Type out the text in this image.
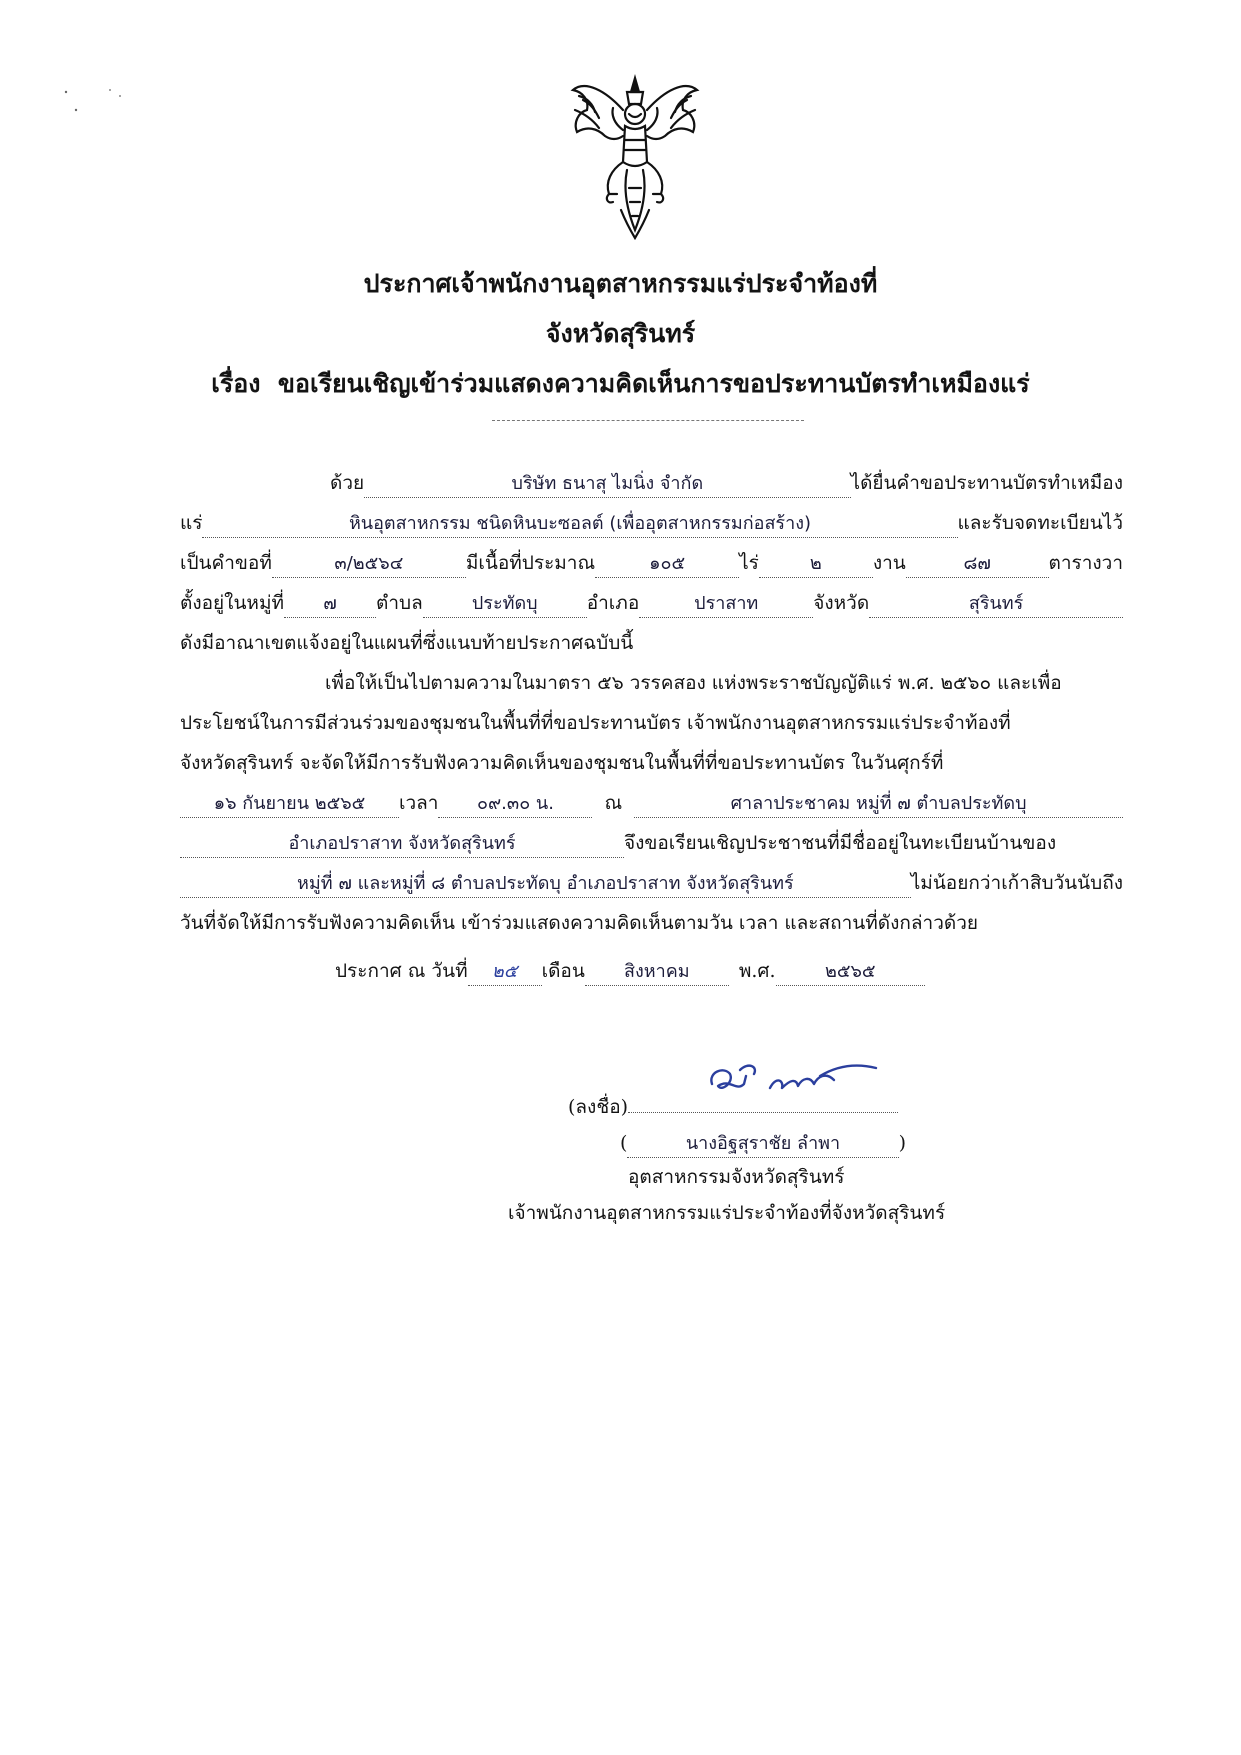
ประกาศเจ้าพนักงานอุตสาหกรรมแร่ประจำท้องที่
จังหวัดสุรินทร์
เรื่อง ขอเรียนเชิญเข้าร่วมแสดงความคิดเห็นการขอประทานบัตรทำเหมืองแร่
ด้วย	บริษัท ธนาสุ ไมนิ่ง จำกัด	ได้ยื่นคำขอประทานบัตรทำเหมือง
แร่	หินอุตสาหกรรม ชนิดหินบะซอลต์ (เพื่ออุตสาหกรรมก่อสร้าง)	และรับจดทะเบียนไว้
เป็นคำขอที่	๓/๒๕๖๔	มีเนื้อที่ประมาณ	๑๐๕	ไร่	๒	งาน	๘๗	ตารางวา
ตั้งอยู่ในหมู่ที่	๗	ตำบล	ประทัดบุ	อำเภอ	ปราสาท	จังหวัด	สุรินทร์
ดังมีอาณาเขตแจ้งอยู่ในแผนที่ซึ่งแนบท้ายประกาศฉบับนี้
เพื่อให้เป็นไปตามความในมาตรา ๕๖ วรรคสอง แห่งพระราชบัญญัติแร่ พ.ศ. ๒๕๖๐ และเพื่อ
ประโยชน์ในการมีส่วนร่วมของชุมชนในพื้นที่ที่ขอประทานบัตร เจ้าพนักงานอุตสาหกรรมแร่ประจำท้องที่
จังหวัดสุรินทร์ จะจัดให้มีการรับฟังความคิดเห็นของชุมชนในพื้นที่ที่ขอประทานบัตร ในวันศุกร์ที่
๑๖ กันยายน ๒๕๖๕	เวลา	๐๙.๓๐ น.	ณ	ศาลาประชาคม หมู่ที่ ๗ ตำบลประทัดบุ
อำเภอปราสาท จังหวัดสุรินทร์	จึงขอเรียนเชิญประชาชนที่มีชื่ออยู่ในทะเบียนบ้านของ
หมู่ที่ ๗ และหมู่ที่ ๘ ตำบลประทัดบุ อำเภอปราสาท จังหวัดสุรินทร์	ไม่น้อยกว่าเก้าสิบวันนับถึง
วันที่จัดให้มีการรับฟังความคิดเห็น เข้าร่วมแสดงความคิดเห็นตามวัน เวลา และสถานที่ดังกล่าวด้วย
ประกาศ ณ วันที่	๒๕	เดือน	สิงหาคม	พ.ศ.	๒๕๖๕
(ลงชื่อ)
(	นางอิฐสุราชัย ลำพา	)
อุตสาหกรรมจังหวัดสุรินทร์
เจ้าพนักงานอุตสาหกรรมแร่ประจำท้องที่จังหวัดสุรินทร์
